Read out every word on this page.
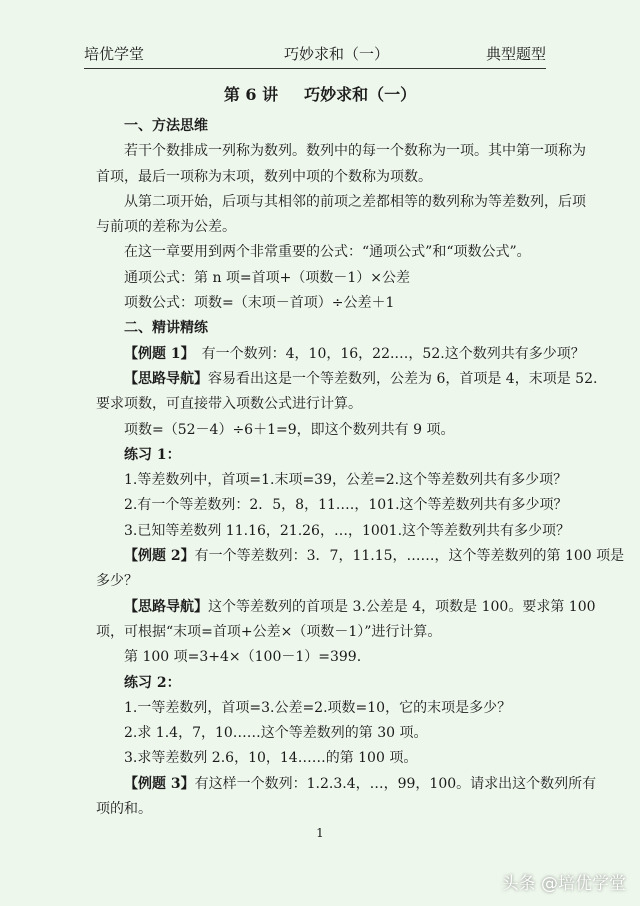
培优学堂	巧妙求和（一）	典型题型
第 6 讲 巧妙求和（一）
一、方法思维
若干个数排成一列称为数列。数列中的每一个数称为一项。其中第一项称为
首项，最后一项称为末项，数列中项的个数称为项数。
从第二项开始，后项与其相邻的前项之差都相等的数列称为等差数列，后项
与前项的差称为公差。
在这一章要用到两个非常重要的公式：“通项公式”和“项数公式”。
通项公式：第 n 项=首项+（项数－1）×公差
项数公式：项数=（末项－首项）÷公差＋1
二、精讲精练
【例题 1】　有一个数列：4，10，16，22.…，52.这个数列共有多少项？
【思路导航】容易看出这是一个等差数列，公差为 6，首项是 4，末项是 52.
要求项数，可直接带入项数公式进行计算。
项数=（52－4）÷6＋1=9，即这个数列共有 9 项。
练习 1：
1.等差数列中，首项=1.末项=39，公差=2.这个等差数列共有多少项？
2.有一个等差数列：2．5，8，11.…，101.这个等差数列共有多少项？
3.已知等差数列 11.16，21.26，…，1001.这个等差数列共有多少项？
【例题 2】有一个等差数列：3．7，11.15，……，这个等差数列的第 100 项是
多少？
【思路导航】这个等差数列的首项是 3.公差是 4，项数是 100。要求第 100
项，可根据“末项=首项+公差×（项数－1）”进行计算。
第 100 项=3+4×（100－1）=399.
练习 2：
1.一等差数列，首项=3.公差=2.项数=10，它的末项是多少？
2.求 1.4，7，10……这个等差数列的第 30 项。
3.求等差数列 2.6，10，14……的第 100 项。
【例题 3】有这样一个数列：1.2.3.4，…，99，100。请求出这个数列所有
项的和。
1
头条 @培优学堂
